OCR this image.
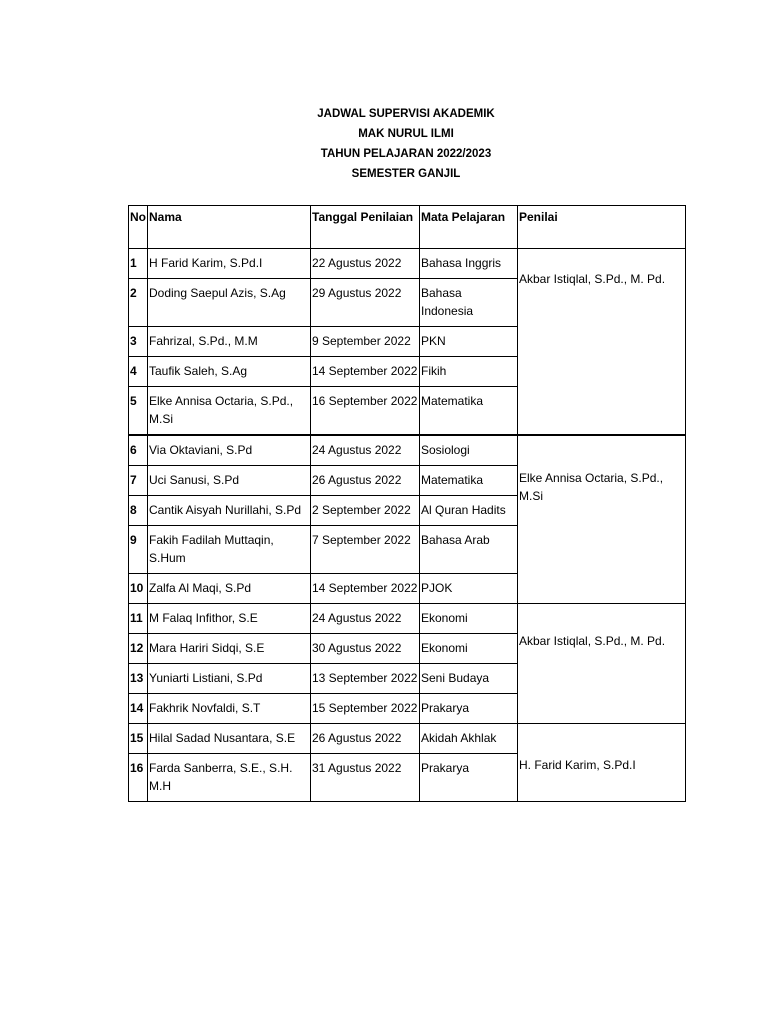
JADWAL SUPERVISI AKADEMIK
MAK NURUL ILMI
TAHUN PELAJARAN 2022/2023
SEMESTER GANJIL
No	Nama	Tanggal Penilaian	Mata Pelajaran	Penilai
1	H Farid Karim, S.Pd.I	22 Agustus 2022	Bahasa Inggris	Akbar Istiqlal, S.Pd., M. Pd.
2	Doding Saepul Azis, S.Ag	29 Agustus 2022	Bahasa Indonesia	
3	Fahrizal, S.Pd., M.M	9 September 2022	PKN	
4	Taufik Saleh, S.Ag	14 September 2022	Fikih	
5	Elke Annisa Octaria, S.Pd., M.Si	16 September 2022	Matematika	
6	Via Oktaviani, S.Pd	24 Agustus 2022	Sosiologi	Elke Annisa Octaria, S.Pd., M.Si
7	Uci Sanusi, S.Pd	26 Agustus 2022	Matematika	
8	Cantik Aisyah Nurillahi, S.Pd	2 September 2022	Al Quran Hadits	
9	Fakih Fadilah Muttaqin, S.Hum	7 September 2022	Bahasa Arab	
10	Zalfa Al Maqi, S.Pd	14 September 2022	PJOK	
11	M Falaq Infithor, S.E	24 Agustus 2022	Ekonomi	Akbar Istiqlal, S.Pd., M. Pd.
12	Mara Hariri Sidqi, S.E	30 Agustus 2022	Ekonomi	
13	Yuniarti Listiani, S.Pd	13 September 2022	Seni Budaya	
14	Fakhrik Novfaldi, S.T	15 September 2022	Prakarya	
15	Hilal Sadad Nusantara, S.E	26 Agustus 2022	Akidah Akhlak	H. Farid Karim, S.Pd.I
16	Farda Sanberra, S.E., S.H. M.H	31 Agustus 2022	Prakarya	
